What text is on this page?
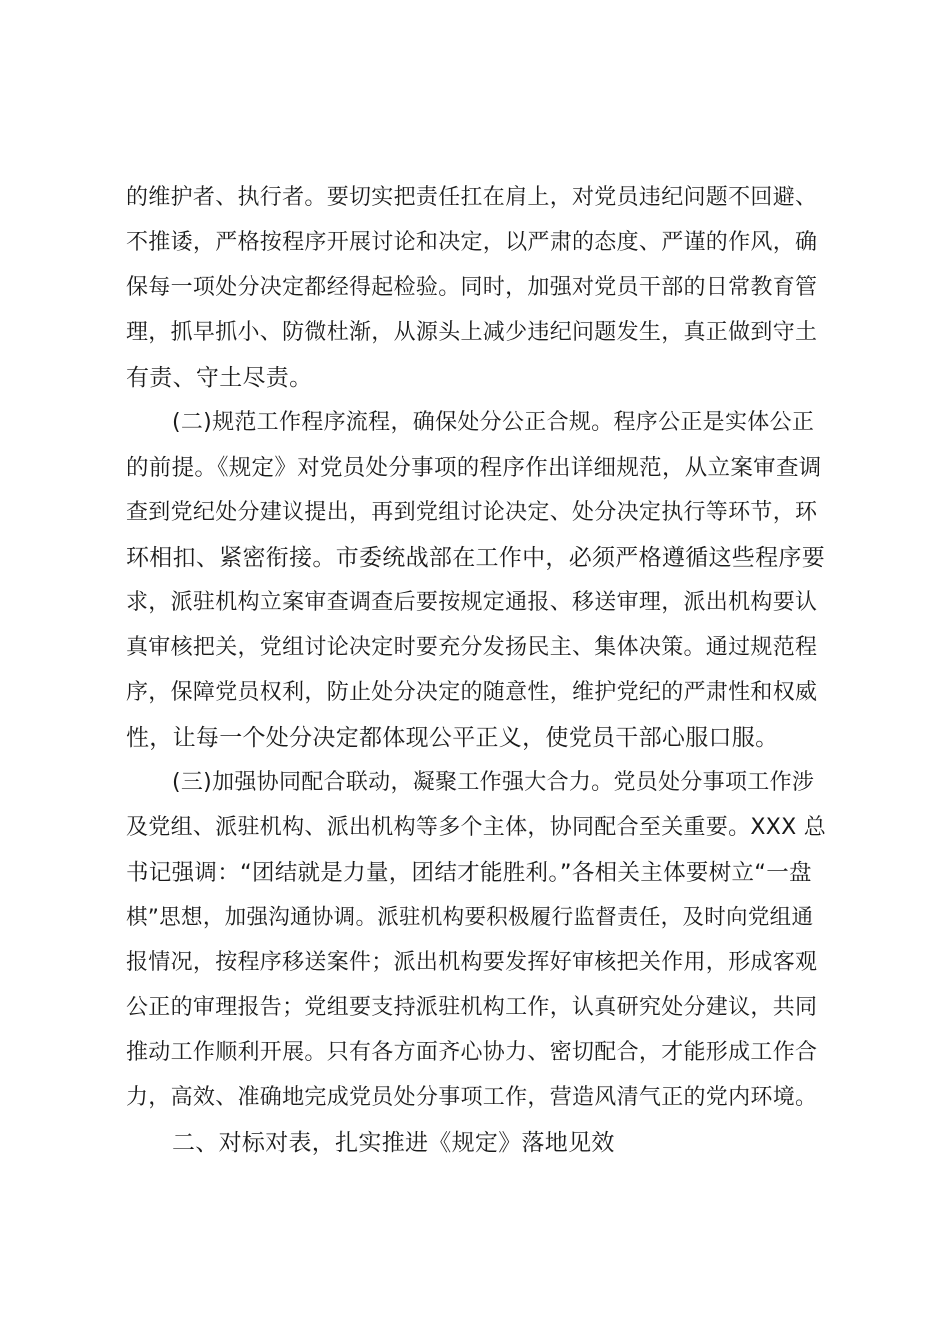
的维护者、执行者。要切实把责任扛在肩上，对党员违纪问题不回避、
不推诿，严格按程序开展讨论和决定，以严肃的态度、严谨的作风，确
保每一项处分决定都经得起检验。同时，加强对党员干部的日常教育管
理，抓早抓小、防微杜渐，从源头上减少违纪问题发生，真正做到守土
有责、守土尽责。
(二)规范工作程序流程，确保处分公正合规。程序公正是实体公正
的前提。《规定》对党员处分事项的程序作出详细规范，从立案审查调
查到党纪处分建议提出，再到党组讨论决定、处分决定执行等环节，环
环相扣、紧密衔接。市委统战部在工作中，必须严格遵循这些程序要
求，派驻机构立案审查调查后要按规定通报、移送审理，派出机构要认
真审核把关，党组讨论决定时要充分发扬民主、集体决策。通过规范程
序，保障党员权利，防止处分决定的随意性，维护党纪的严肃性和权威
性，让每一个处分决定都体现公平正义，使党员干部心服口服。
(三)加强协同配合联动，凝聚工作强大合力。党员处分事项工作涉
及党组、派驻机构、派出机构等多个主体，协同配合至关重要。XXX 总
书记强调：“团结就是力量，团结才能胜利。”各相关主体要树立“一盘
棋”思想，加强沟通协调。派驻机构要积极履行监督责任，及时向党组通
报情况，按程序移送案件；派出机构要发挥好审核把关作用，形成客观
公正的审理报告；党组要支持派驻机构工作，认真研究处分建议，共同
推动工作顺利开展。只有各方面齐心协力、密切配合，才能形成工作合
力，高效、准确地完成党员处分事项工作，营造风清气正的党内环境。
二、对标对表，扎实推进《规定》落地见效
